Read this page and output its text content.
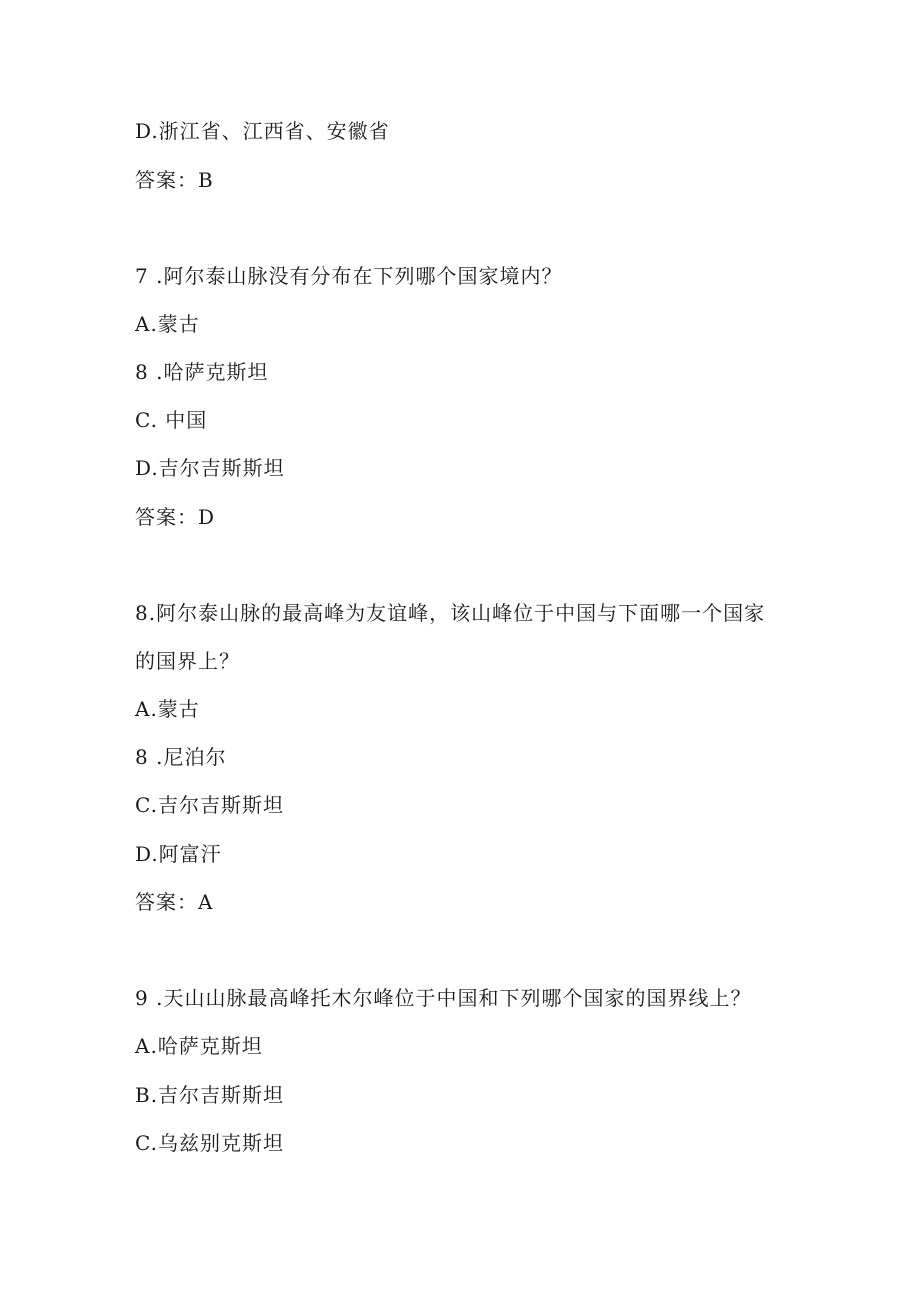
D.浙江省、江西省、安徽省
答案：B
7 .阿尔泰山脉没有分布在下列哪个国家境内？
A.蒙古
8 .哈萨克斯坦
C. 中国
D.吉尔吉斯斯坦
答案：D
8.阿尔泰山脉的最高峰为友谊峰，该山峰位于中国与下面哪一个国家
的国界上？
A.蒙古
8 .尼泊尔
C.吉尔吉斯斯坦
D.阿富汗
答案：A
9 .天山山脉最高峰托木尔峰位于中国和下列哪个国家的国界线上？
A.哈萨克斯坦
B.吉尔吉斯斯坦
C.乌兹别克斯坦
